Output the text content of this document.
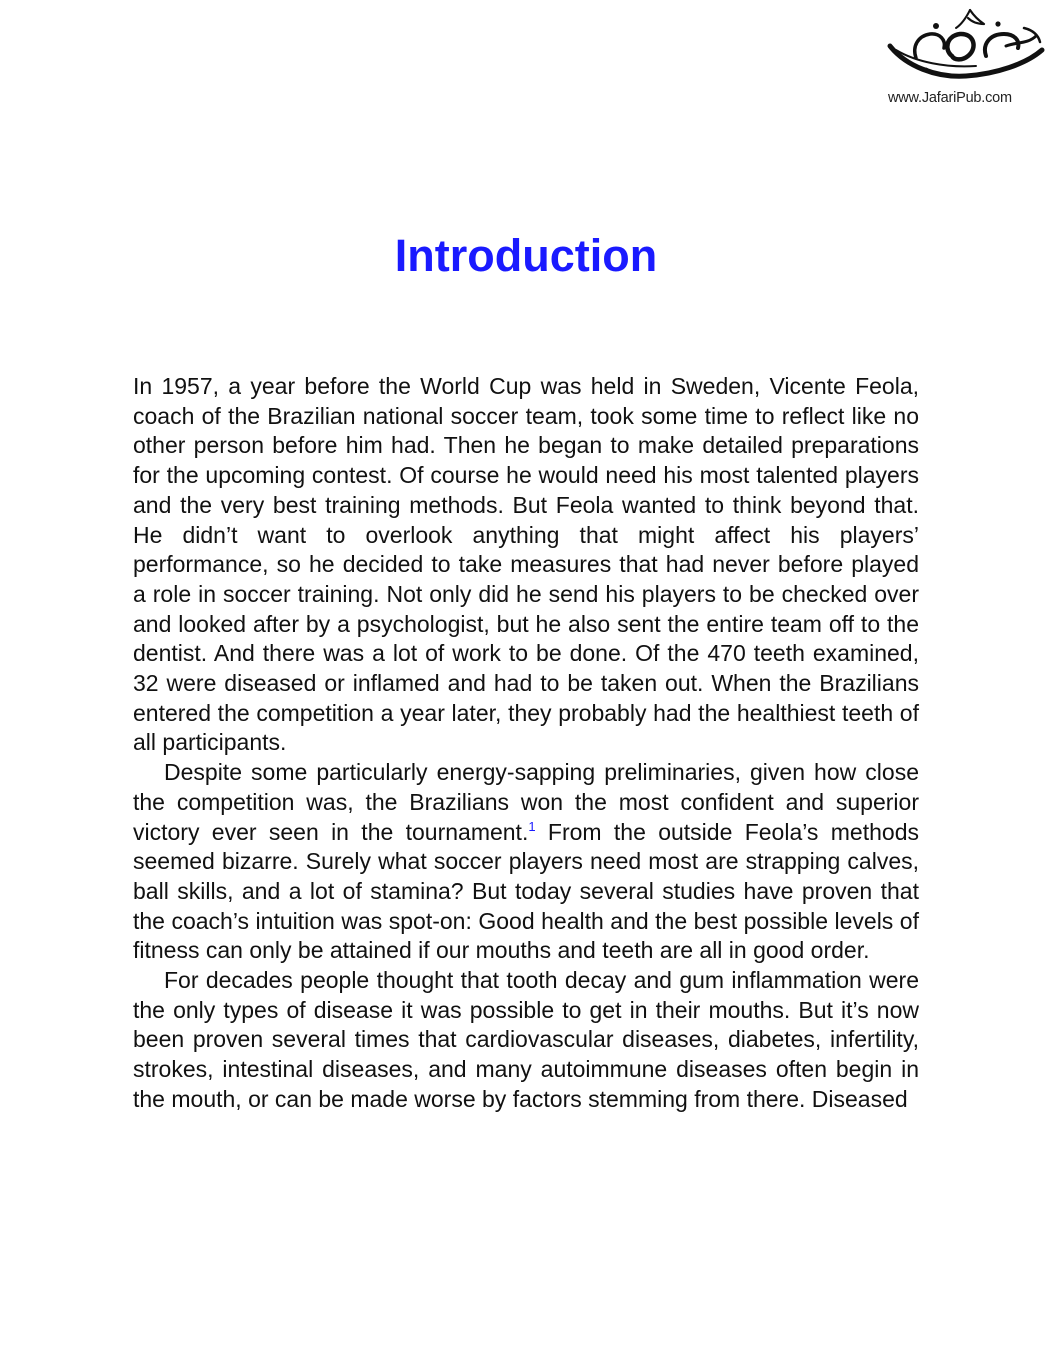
www.JafariPub.com
Introduction

In 1957, a year before the World Cup was held in Sweden, Vicente Feola, coach of the Brazilian national soccer team, took some time to reflect like no other person before him had. Then he began to make detailed preparations for the upcoming contest. Of course he would need his most talented players and the very best training methods. But Feola wanted to think beyond that. He didn’t want to overlook anything that might affect his players’ performance, so he decided to take measures that had never before played a role in soccer training. Not only did he send his players to be checked over and looked after by a psychologist, but he also sent the entire team off to the dentist. And there was a lot of work to be done. Of the 470 teeth examined, 32 were diseased or inflamed and had to be taken out. When the Brazilians entered the competition a year later, they probably had the healthiest teeth of all participants.

Despite some particularly energy-sapping preliminaries, given how close the competition was, the Brazilians won the most confident and superior victory ever seen in the tournament.$^1$ From the outside Feola’s methods seemed bizarre. Surely what soccer players need most are strapping calves, ball skills, and a lot of stamina? But today several studies have proven that the coach’s intuition was spot-on: Good health and the best possible levels of fitness can only be attained if our mouths and teeth are all in good order.

For decades people thought that tooth decay and gum inflammation were the only types of disease it was possible to get in their mouths. But it’s now been proven several times that cardiovascular diseases, diabetes, infertility, strokes, intestinal diseases, and many autoimmune diseases often begin in the mouth, or can be made worse by factors stemming from there. Diseased
